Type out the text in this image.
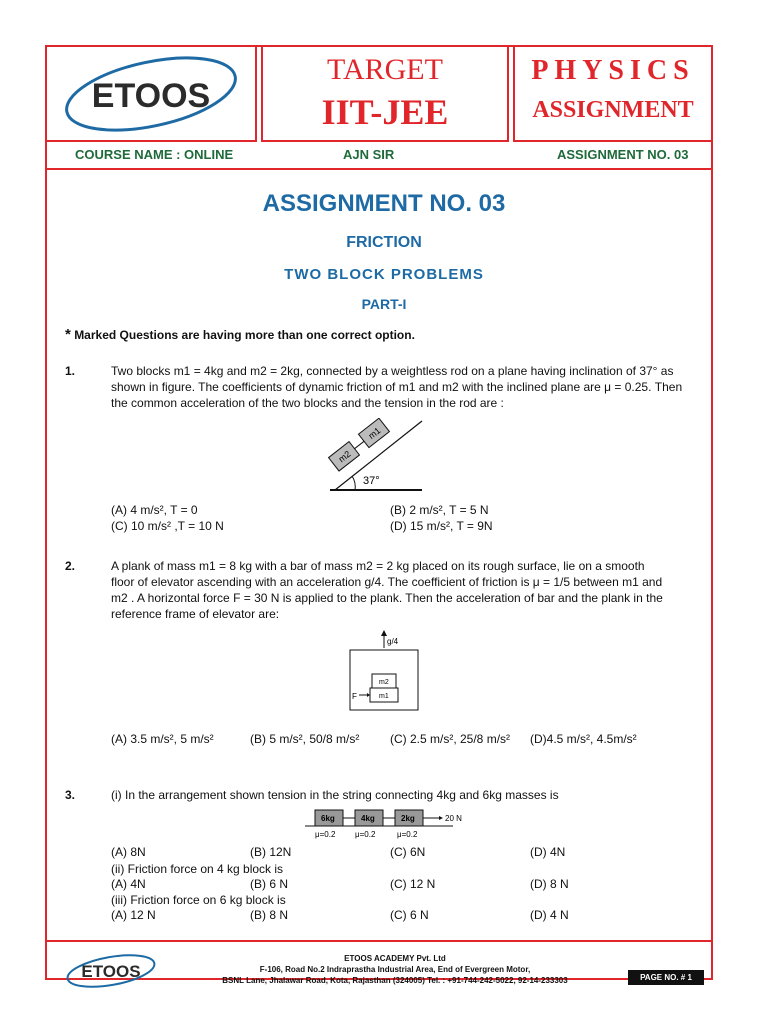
ETOOS
TARGET
IIT-JEE
PHYSICS
ASSIGNMENT
COURSE NAME : ONLINE	AJN SIR	ASSIGNMENT NO. 03
ASSIGNMENT NO. 03
FRICTION
TWO BLOCK PROBLEMS
PART-I
* Marked Questions are having more than one correct option.
1.	Two blocks m1 = 4kg and m2 = 2kg, connected by a weightless rod on a plane having inclination of 37° as
shown in figure. The coefficients of dynamic friction of m1 and m2 with the inclined plane are μ = 0.25. Then
the common acceleration of the two blocks and the tension in the rod are :
m2
m1
37°
(A) 4 m/s², T = 0	(B) 2 m/s², T = 5 N
(C) 10 m/s² ,T = 10 N	(D) 15 m/s², T = 9N
2.	A plank of mass m1 = 8 kg with a bar of mass m2 = 2 kg placed on its rough surface, lie on a smooth
floor of elevator ascending with an acceleration g/4. The coefficient of friction is μ = 1/5 between m1 and
m2 . A horizontal force F = 30 N is applied to the plank. Then the acceleration of bar and the plank in the
reference frame of elevator are:
g/4
m2
m1
F
(A) 3.5 m/s², 5 m/s²	(B) 5 m/s², 50/8 m/s²	(C) 2.5 m/s², 25/8 m/s² (D)4.5 m/s², 4.5m/s²
3.	(i) In the arrangement shown tension in the string connecting 4kg and 6kg masses is
6kg	4kg	2kg	20 N
μ=0.2 μ=0.2	μ=0.2
(A) 8N	(B) 12N	(C) 6N	(D) 4N
(ii) Friction force on 4 kg block is
(A) 4N	(B) 6 N	(C) 12 N	(D) 8 N
(iii) Friction force on 6 kg block is
(A) 12 N	(B) 8 N	(C) 6 N	(D) 4 N
ETOOS
ETOOS ACADEMY Pvt. Ltd
F-106, Road No.2 Indraprastha Industrial Area, End of Evergreen Motor,
BSNL Lane, Jhalawar Road, Kota, Rajasthan (324005) Tel. : +91-744-242-5022, 92-14-233303	PAGE NO. # 1
